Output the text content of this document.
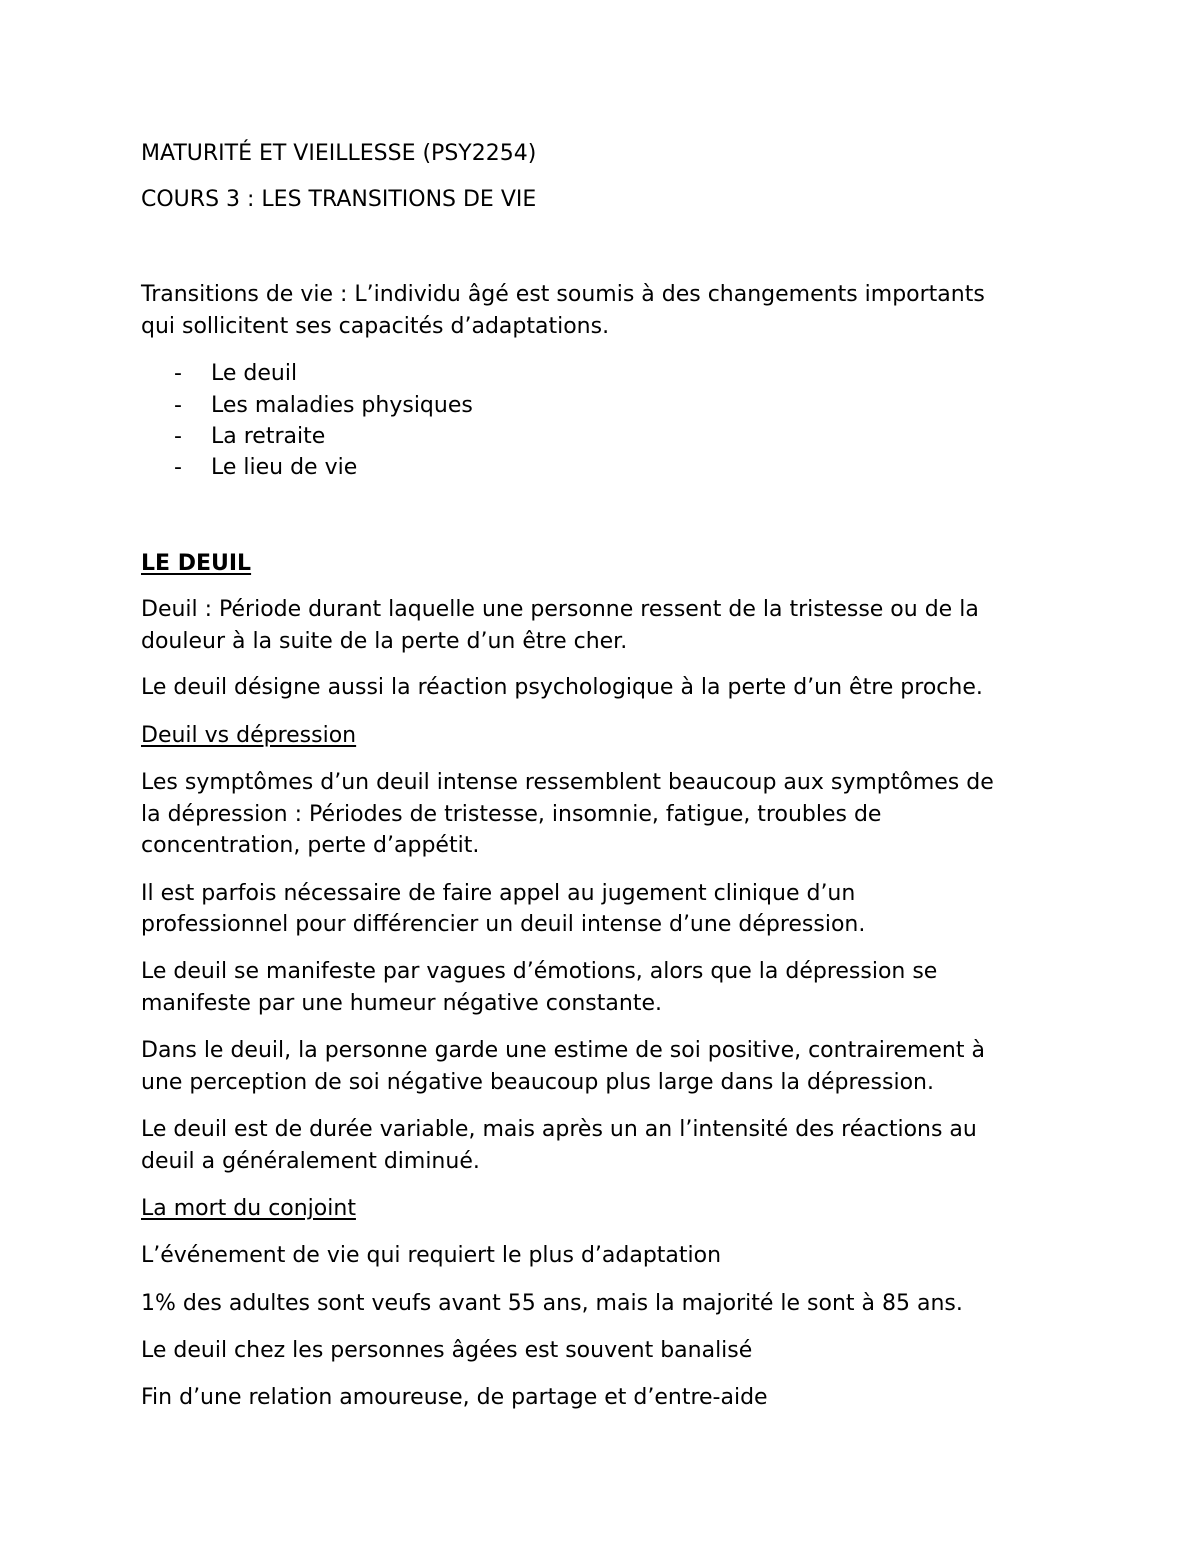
MATURITÉ ET VIEILLESSE (PSY2254)

COURS 3 : LES TRANSITIONS DE VIE

Transitions de vie : L’individu âgé est soumis à des changements importants

qui sollicitent ses capacités d’adaptations.

- Le deuil
- Les maladies physiques
- La retraite
- Le lieu de vie

LE DEUIL

Deuil : Période durant laquelle une personne ressent de la tristesse ou de la

douleur à la suite de la perte d’un être cher.

Le deuil désigne aussi la réaction psychologique à la perte d’un être proche.

Deuil vs dépression

Les symptômes d’un deuil intense ressemblent beaucoup aux symptômes de

la dépression : Périodes de tristesse, insomnie, fatigue, troubles de

concentration, perte d’appétit.

Il est parfois nécessaire de faire appel au jugement clinique d’un

professionnel pour différencier un deuil intense d’une dépression.

Le deuil se manifeste par vagues d’émotions, alors que la dépression se

manifeste par une humeur négative constante.

Dans le deuil, la personne garde une estime de soi positive, contrairement à

une perception de soi négative beaucoup plus large dans la dépression.

Le deuil est de durée variable, mais après un an l’intensité des réactions au

deuil a généralement diminué.

La mort du conjoint

L’événement de vie qui requiert le plus d’adaptation

1% des adultes sont veufs avant 55 ans, mais la majorité le sont à 85 ans.

Le deuil chez les personnes âgées est souvent banalisé

Fin d’une relation amoureuse, de partage et d’entre-aide
